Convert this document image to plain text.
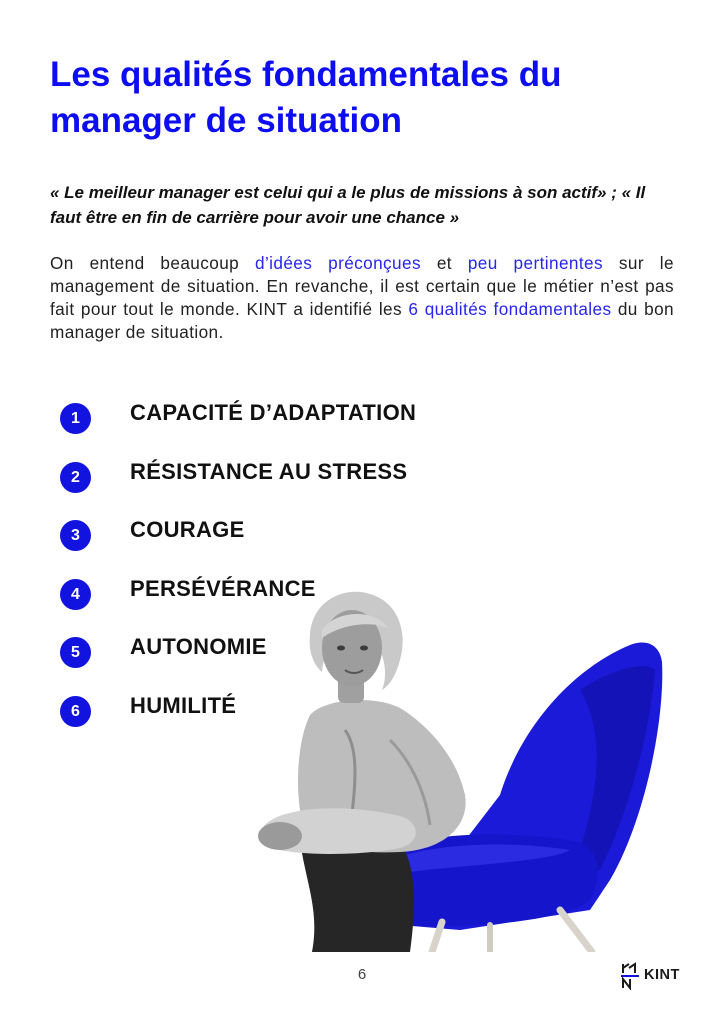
Les qualités fondamentales du manager de situation

« Le meilleur manager est celui qui a le plus de missions à son actif» ; « Il faut être en fin de carrière pour avoir une chance »

On entend beaucoup d’idées préconçues et peu pertinentes sur le management de situation. En revanche, il est certain que le métier n’est pas fait pour tout le monde. KINT a identifié les 6 qualités fondamentales du bon manager de situation.

1	CAPACITÉ D’ADAPTATION
2	RÉSISTANCE AU STRESS
3	COURAGE
4	PERSÉVÉRANCE
5	AUTONOMIE
6	HUMILITÉ
6	KINT
